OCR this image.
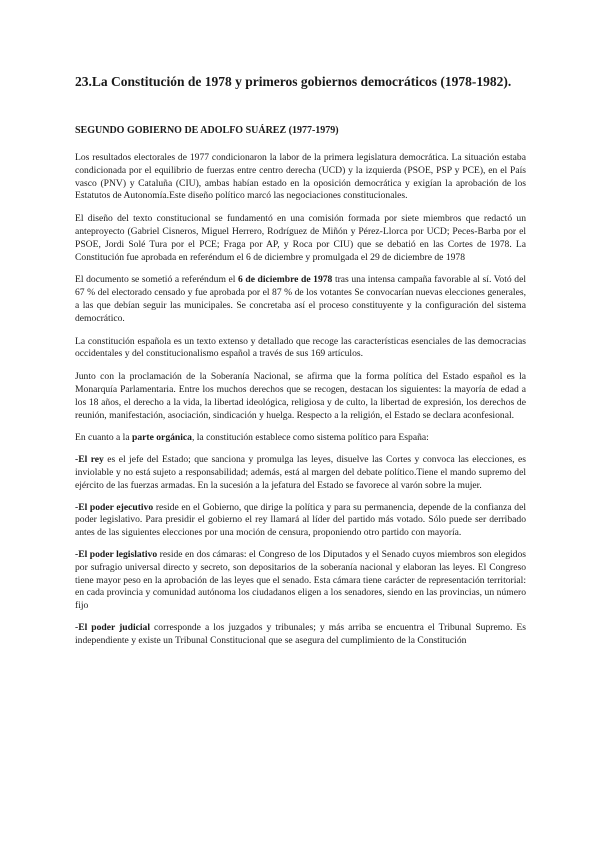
23.La Constitución de 1978 y primeros gobiernos democráticos (1978-1982).
SEGUNDO GOBIERNO DE ADOLFO SUÁREZ (1977-1979)

Los resultados electorales de 1977 condicionaron la labor de la primera legislatura democrática. La situación estaba condicionada por el equilibrio de fuerzas entre centro derecha (UCD) y la izquierda (PSOE, PSP y PCE), en el País vasco (PNV) y Cataluña (CIU), ambas habían estado en la oposición democrática y exigían la aprobación de los Estatutos de Autonomía.Este diseño político marcó las negociaciones constitucionales.

El diseño del texto constitucional se fundamentó en una comisión formada por siete miembros que redactó un anteproyecto (Gabriel Cisneros, Miguel Herrero, Rodríguez de Miñón y Pérez-Llorca por UCD; Peces-Barba por el PSOE, Jordi Solé Tura por el PCE; Fraga por AP, y Roca por CIU) que se debatió en las Cortes de 1978. La Constitución fue aprobada en referéndum el 6 de diciembre y promulgada el 29 de diciembre de 1978

El documento se sometió a referéndum el 6 de diciembre de 1978 tras una intensa campaña favorable al sí. Votó del 67 % del electorado censado y fue aprobada por el 87 % de los votantes Se convocarían nuevas elecciones generales, a las que debían seguir las municipales. Se concretaba así el proceso constituyente y la configuración del sistema democrático.

La constitución española es un texto extenso y detallado que recoge las características esenciales de las democracias occidentales y del constitucionalismo español a través de sus 169 artículos.

Junto con la proclamación de la Soberanía Nacional, se afirma que la forma política del Estado español es la Monarquía Parlamentaria. Entre los muchos derechos que se recogen, destacan los siguientes: la mayoría de edad a los 18 años, el derecho a la vida, la libertad ideológica, religiosa y de culto, la libertad de expresión, los derechos de reunión, manifestación, asociación, sindicación y huelga. Respecto a la religión, el Estado se declara aconfesional.

En cuanto a la parte orgánica, la constitución establece como sistema político para España:

-El rey es el jefe del Estado; que sanciona y promulga las leyes, disuelve las Cortes y convoca las elecciones, es inviolable y no está sujeto a responsabilidad; además, está al margen del debate político.Tiene el mando supremo del ejército de las fuerzas armadas. En la sucesión a la jefatura del Estado se favorece al varón sobre la mujer.

-El poder ejecutivo reside en el Gobierno, que dirige la política y para su permanencia, depende de la confianza del poder legislativo. Para presidir el gobierno el rey llamará al líder del partido más votado. Sólo puede ser derribado antes de las siguientes elecciones por una moción de censura, proponiendo otro partido con mayoría.

-El poder legislativo reside en dos cámaras: el Congreso de los Diputados y el Senado cuyos miembros son elegidos por sufragio universal directo y secreto, son depositarios de la soberanía nacional y elaboran las leyes. El Congreso tiene mayor peso en la aprobación de las leyes que el senado. Esta cámara tiene carácter de representación territorial: en cada provincia y comunidad autónoma los ciudadanos eligen a los senadores, siendo en las provincias, un número fijo

-El poder judicial corresponde a los juzgados y tribunales; y más arriba se encuentra el Tribunal Supremo. Es independiente y existe un Tribunal Constitucional que se asegura del cumplimiento de la Constitución
